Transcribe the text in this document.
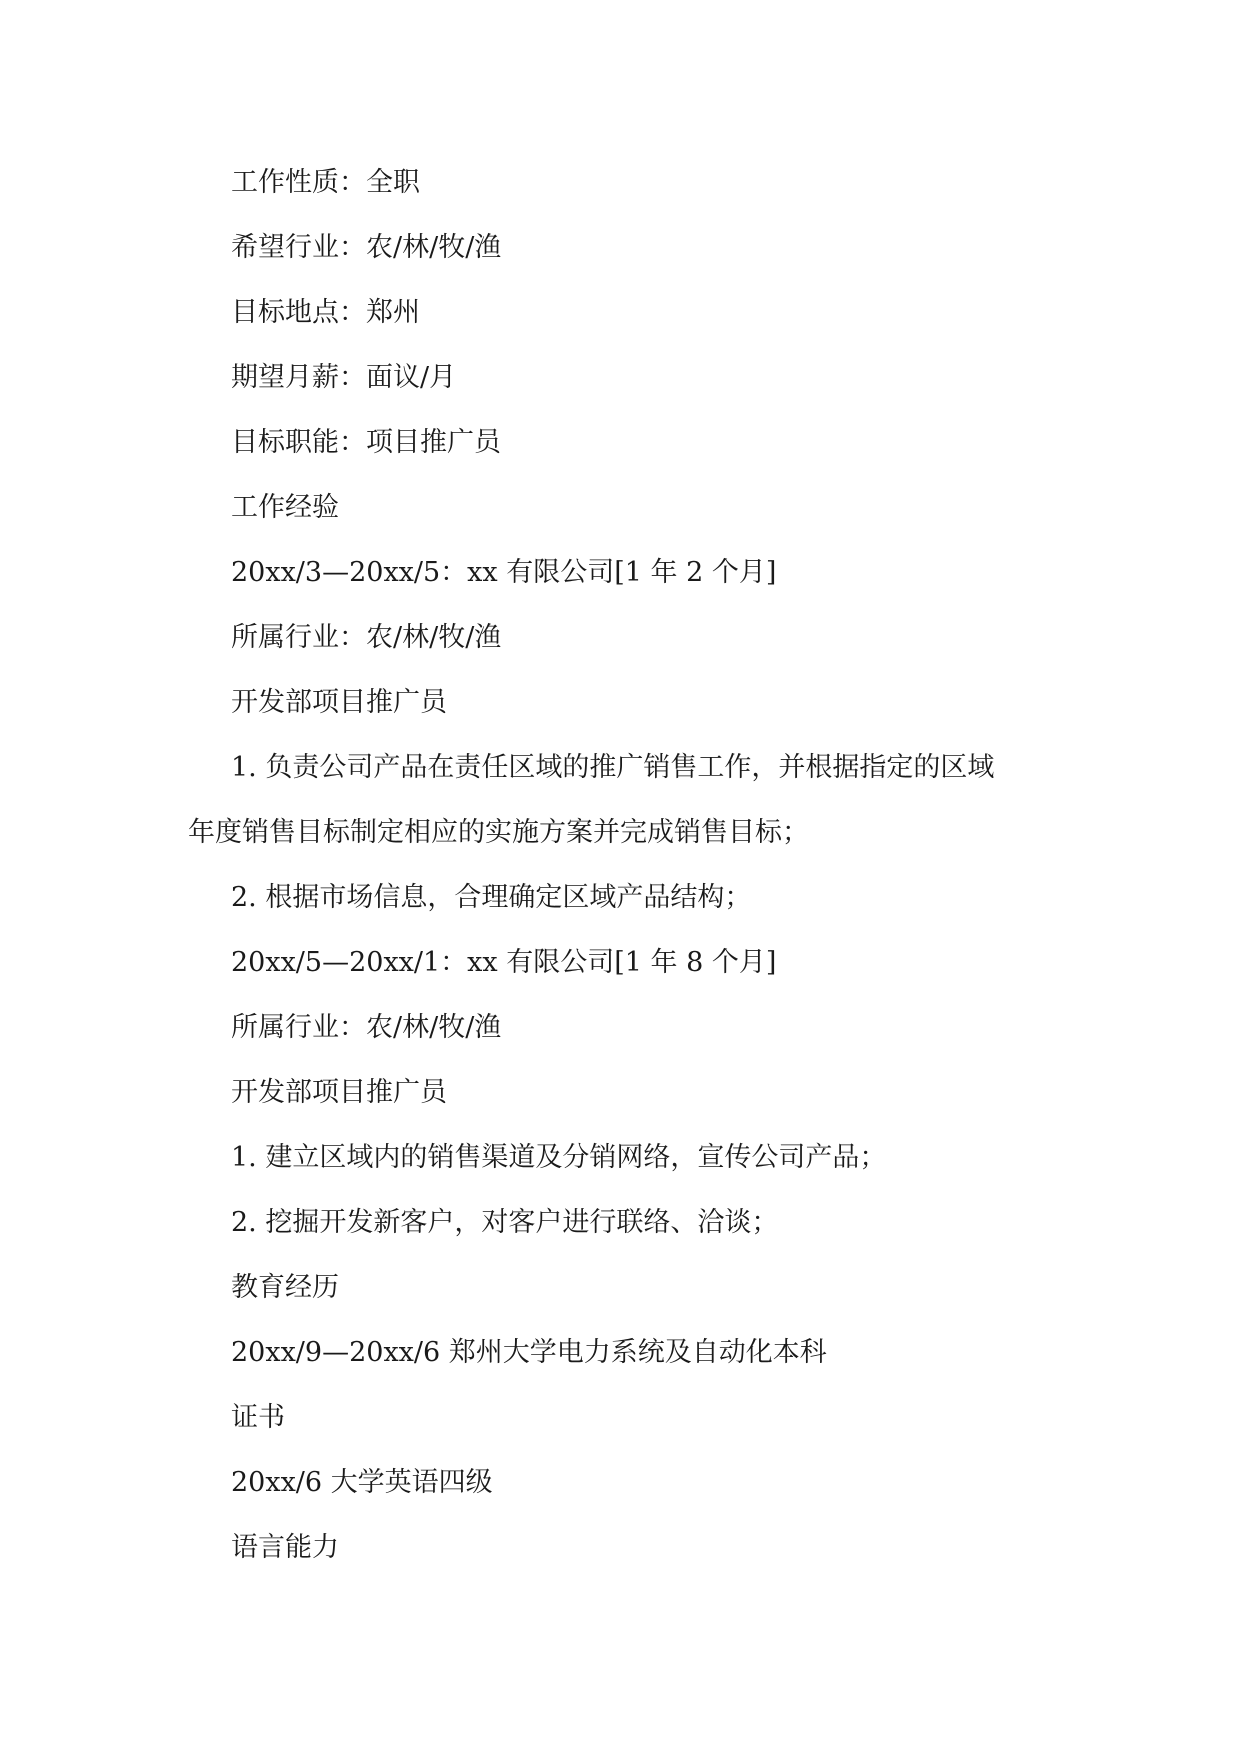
工作性质：全职
希望行业：农/林/牧/渔
目标地点：郑州
期望月薪：面议/月
目标职能：项目推广员
工作经验
20xx/3—20xx/5：xx 有限公司[1 年 2 个月]
所属行业：农/林/牧/渔
开发部项目推广员
1. 负责公司产品在责任区域的推广销售工作，并根据指定的区域
年度销售目标制定相应的实施方案并完成销售目标；
2. 根据市场信息，合理确定区域产品结构；
20xx/5—20xx/1：xx 有限公司[1 年 8 个月]
所属行业：农/林/牧/渔
开发部项目推广员
1. 建立区域内的销售渠道及分销网络，宣传公司产品；
2. 挖掘开发新客户，对客户进行联络、洽谈；
教育经历
20xx/9—20xx/6 郑州大学电力系统及自动化本科
证书
20xx/6 大学英语四级
语言能力
